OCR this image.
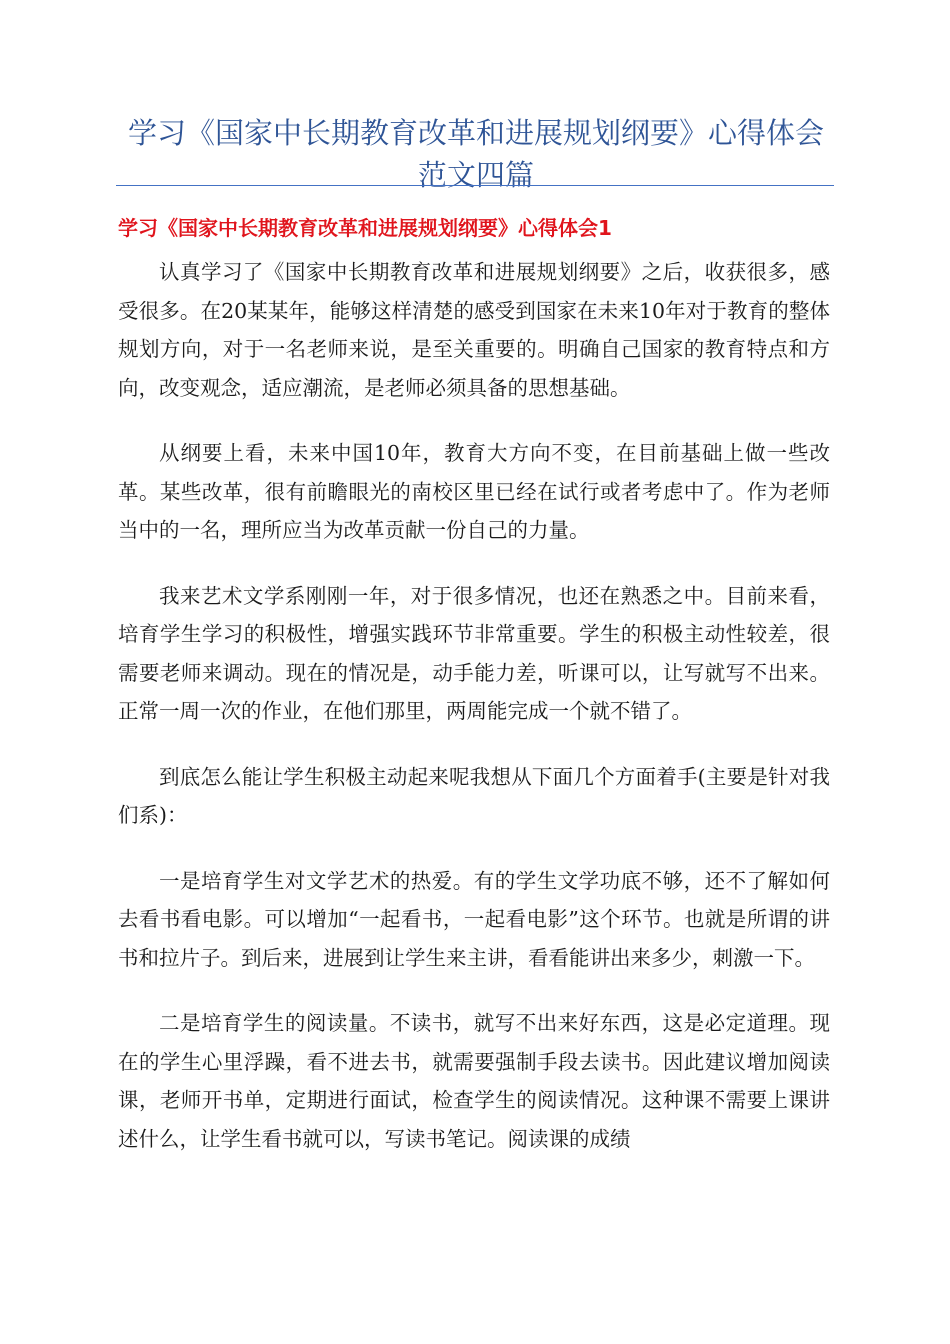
学习《国家中长期教育改革和进展规划纲要》心得体会范文四篇
学习《国家中长期教育改革和进展规划纲要》心得体会1

认真学习了《国家中长期教育改革和进展规划纲要》之后，收获很多，感受很多。在20某某年，能够这样清楚的感受到国家在未来10年对于教育的整体规划方向，对于一名老师来说，是至关重要的。明确自己国家的教育特点和方向，改变观念，适应潮流，是老师必须具备的思想基础。

从纲要上看，未来中国10年，教育大方向不变，在目前基础上做一些改革。某些改革，很有前瞻眼光的南校区里已经在试行或者考虑中了。作为老师当中的一名，理所应当为改革贡献一份自己的力量。

我来艺术文学系刚刚一年，对于很多情况，也还在熟悉之中。目前来看，培育学生学习的积极性，增强实践环节非常重要。学生的积极主动性较差，很需要老师来调动。现在的情况是，动手能力差，听课可以，让写就写不出来。正常一周一次的作业，在他们那里，两周能完成一个就不错了。

到底怎么能让学生积极主动起来呢我想从下面几个方面着手(主要是针对我们系)：

一是培育学生对文学艺术的热爱。有的学生文学功底不够，还不了解如何去看书看电影。可以增加“一起看书，一起看电影”这个环节。也就是所谓的讲书和拉片子。到后来，进展到让学生来主讲，看看能讲出来多少，刺激一下。

二是培育学生的阅读量。不读书，就写不出来好东西，这是必定道理。现在的学生心里浮躁，看不进去书，就需要强制手段去读书。因此建议增加阅读课，老师开书单，定期进行面试，检查学生的阅读情况。这种课不需要上课讲述什么，让学生看书就可以，写读书笔记。阅读课的成绩
